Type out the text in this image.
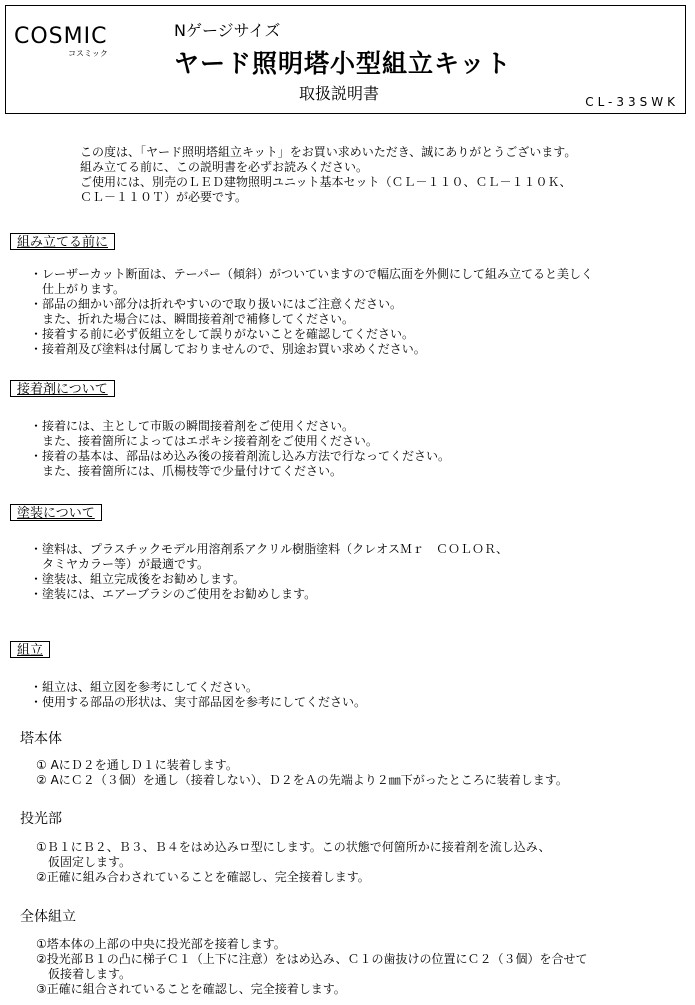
COSMIC
コスミック
Nゲージサイズ
ヤード照明塔小型組立キット
取扱説明書	CL-33SWK
この度は、「ヤード照明塔組立キット」をお買い求めいただき、誠にありがとうございます。
組み立てる前に、この説明書を必ずお読みください。
ご使用には、別売のＬＥＤ建物照明ユニット基本セット（ＣＬ－１１０、ＣＬ－１１０Ｋ、
ＣＬ－１１０Ｔ）が必要です。
組み立てる前に
・レーザーカット断面は、テーパー（傾斜）がついていますので幅広面を外側にして組み立てると美しく
　仕上がります。
・部品の細かい部分は折れやすいので取り扱いにはご注意ください。
　また、折れた場合には、瞬間接着剤で補修してください。
・接着する前に必ず仮組立をして誤りがないことを確認してください。
・接着剤及び塗料は付属しておりませんので、別途お買い求めください。
接着剤について
・接着には、主として市販の瞬間接着剤をご使用ください。
　また、接着箇所によってはエポキシ接着剤をご使用ください。
・接着の基本は、部品はめ込み後の接着剤流し込み方法で行なってください。
　また、接着箇所には、爪楊枝等で少量付けてください。
塗装について
・塗料は、プラスチックモデル用溶剤系アクリル樹脂塗料（クレオスＭｒ　ＣＯＬＯＲ、
　タミヤカラー等）が最適です。
・塗装は、組立完成後をお勧めします。
・塗装には、エアーブラシのご使用をお勧めします。
組立
・組立は、組立図を参考にしてください。
・使用する部品の形状は、実寸部品図を参考にしてください。
塔本体
① AにＤ２を通しＤ１に装着します。
② AにＣ２（３個）を通し（接着しない）、Ｄ２をＡの先端より２㎜下がったところに装着します。
投光部
①Ｂ１にＢ２、Ｂ３、Ｂ４をはめ込みロ型にします。この状態で何箇所かに接着剤を流し込み、
　仮固定します。
②正確に組み合わされていることを確認し、完全接着します。
全体組立
①塔本体の上部の中央に投光部を接着します。
②投光部Ｂ１の凸に梯子Ｃ１（上下に注意）をはめ込み、Ｃ１の歯抜けの位置にＣ２（３個）を合せて
　仮接着します。
③正確に組合されていることを確認し、完全接着します。
